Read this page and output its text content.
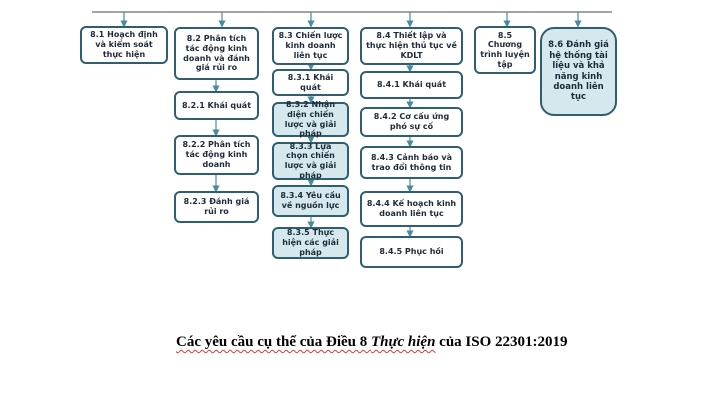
8.1 Hoạch định và kiểm soát thực hiện
8.2 Phân tích tác động kinh doanh và đánh giá rủi ro
8.2.1 Khái quát
8.2.2 Phân tích tác động kinh doanh
8.2.3 Đánh giá rủi ro
8.3 Chiến lược kinh doanh liên tục
8.3.1 Khái quát
8.3.2 Nhận diện chiến lược và giải pháp
8.3.3 Lựa chọn chiến lược và giải pháp
8.3.4 Yêu cầu về nguồn lực
8.3.5 Thực hiện các giải pháp
8.4 Thiết lập và thực hiện thủ tục về KDLT
8.4.1 Khái quát
8.4.2 Cơ cấu ứng phó sự cố
8.4.3 Cảnh báo và trao đổi thông tin
8.4.4 Kế hoạch kinh doanh liên tục
8.4.5 Phục hồi
8.5 Chương trình luyện tập
8.6 Đánh giá hệ thống tài liệu và khả năng kinh doanh liên tục
Các yêu cầu cụ thể của Điều 8 Thực hiện của ISO 22301:2019
